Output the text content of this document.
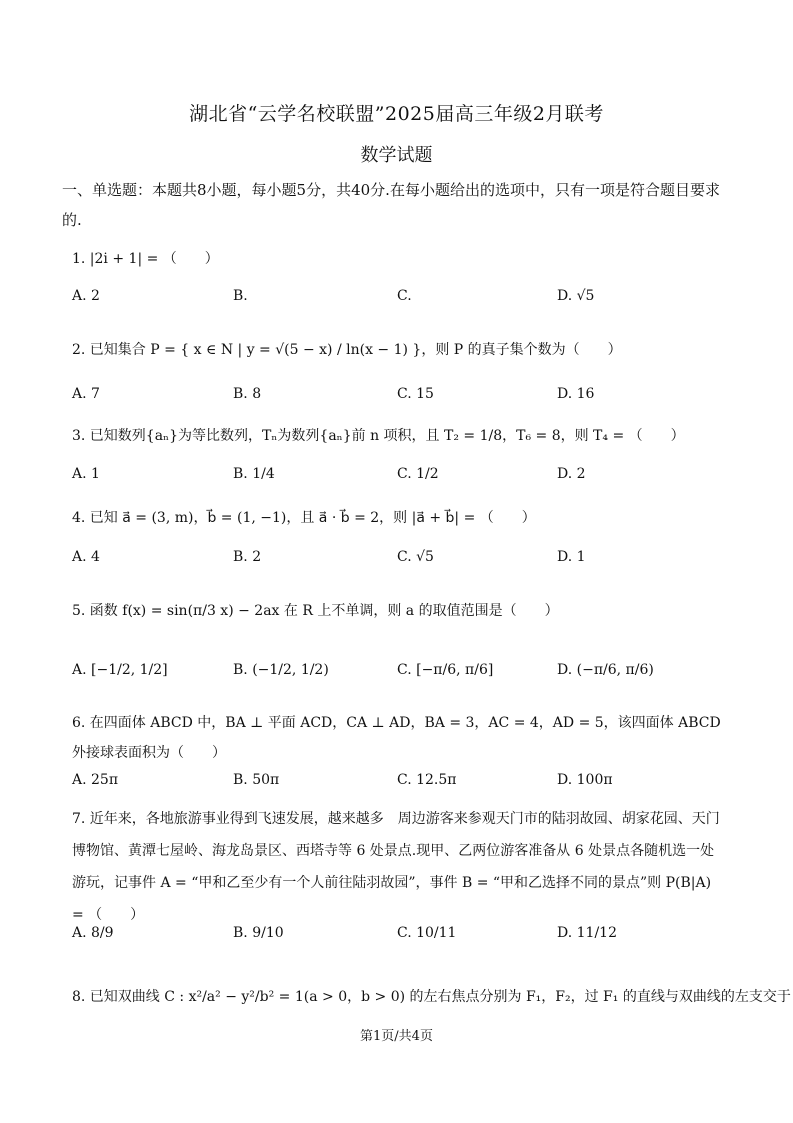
湖北省“云学名校联盟”2025届高三年级2月联考
数学试题
一、单选题：本题共8小题，每小题5分，共40分.在每小题给出的选项中，只有一项是符合题目要求的.
1. |2i + 1| = （　　）
A. 2	B.	C.	D. √5
2. 已知集合 P = { x ∈ N | y = √(5 − x) / ln(x − 1) }，则 P 的真子集个数为（　　）
A. 7	B. 8	C. 15	D. 16
3. 已知数列{aₙ}为等比数列，Tₙ为数列{aₙ}前 n 项积，且 T₂ = 1/8，T₆ = 8，则 T₄ = （　　）
A. 1	B. 1/4	C. 1/2	D. 2
4. 已知 a⃗ = (3, m)，b⃗ = (1, −1)，且 a⃗ · b⃗ = 2，则 |a⃗ + b⃗| = （　　）
A. 4	B. 2	C. √5	D. 1
5. 函数 f(x) = sin(π/3 x) − 2ax 在 R 上不单调，则 a 的取值范围是（　　）
A. [−1/2, 1/2]	B. (−1/2, 1/2)	C. [−π/6, π/6]	D. (−π/6, π/6)
6. 在四面体 ABCD 中，BA ⊥ 平面 ACD，CA ⊥ AD，BA = 3，AC = 4，AD = 5，该四面体 ABCD 外接球表面积为（　　）
A. 25π	B. 50π	C. 12.5π	D. 100π
7. 近年来，各地旅游事业得到飞速发展，越来越多　周边游客来参观天门市的陆羽故园、胡家花园、天门博物馆、黄潭七屋岭、海龙岛景区、西塔寺等 6 处景点.现甲、乙两位游客准备从 6 处景点各随机选一处游玩，记事件 A = “甲和乙至少有一个人前往陆羽故园”，事件 B = “甲和乙选择不同的景点”则 P(B|A) = （　　）
A. 8/9	B. 9/10	C. 10/11	D. 11/12
8. 已知双曲线 C : x²/a² − y²/b² = 1(a > 0，b > 0) 的左右焦点分别为 F₁，F₂，过 F₁ 的直线与双曲线的左支交于
第1页/共4页
